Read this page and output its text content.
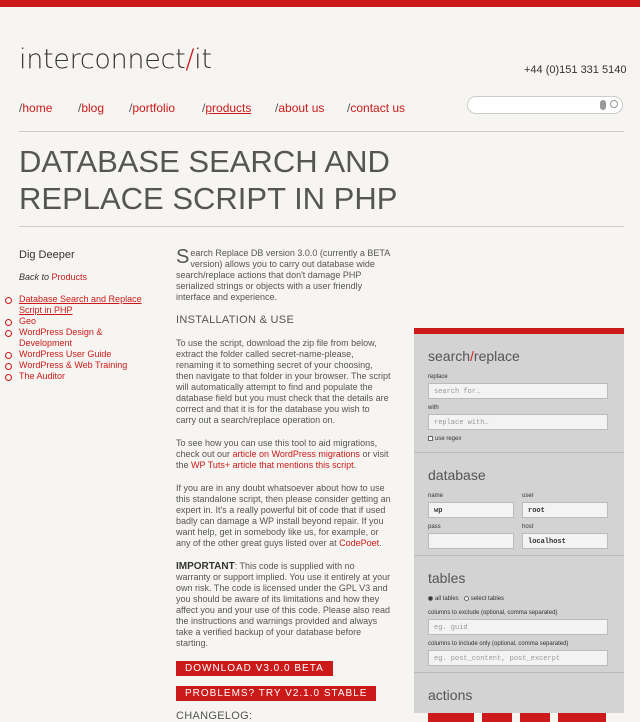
interconnect/it	+44 (0)151 331 5140
/home /blog /portfolio /products /about us /contact us
DATABASE SEARCH AND REPLACE SCRIPT IN PHP
Dig Deeper
Back to Products
Database Search and Replace Script in PHP
Geo
WordPress Design & Development
WordPress User Guide
WordPress & Web Training
The Auditor

Search Replace DB version 3.0.0 (currently a BETA version) allows you to carry out database wide search/replace actions that don't damage PHP serialized strings or objects with a user friendly interface and experience.

INSTALLATION & USE

To use the script, download the zip file from below, extract the folder called secret-name-please, renaming it to something secret of your choosing, then navigate to that folder in your browser. The script will automatically attempt to find and populate the database field but you must check that the details are correct and that it is for the database you wish to carry out a search/replace operation on.

To see how you can use this tool to aid migrations, check out our article on WordPress migrations or visit the WP Tuts+ article that mentions this script.

If you are in any doubt whatsoever about how to use this standalone script, then please consider getting an expert in. It's a really powerful bit of code that if used badly can damage a WP install beyond repair. If you want help, get in somebody like us, for example, or any of the other great guys listed over at CodePoet.

IMPORTANT: This code is supplied with no warranty or support implied. You use it entirely at your own risk. The code is licensed under the GPL V3 and you should be aware of its limitations and how they affect you and your use of this code. Please also read the instructions and warnings provided and always take a verified backup of your database before starting.

DOWNLOAD V3.0.0 BETA
PROBLEMS? TRY V2.1.0 STABLE
CHANGELOG:
search/replace
replace
search for…
with
replace with…
use regex
database
name
wp
user
root
pass	host
localhost
tables
all tables select tables
columns to exclude (optional, comma separated)
eg. guid
columns to include only (optional, comma separated)
eg. post_content, post_excerpt
actions
